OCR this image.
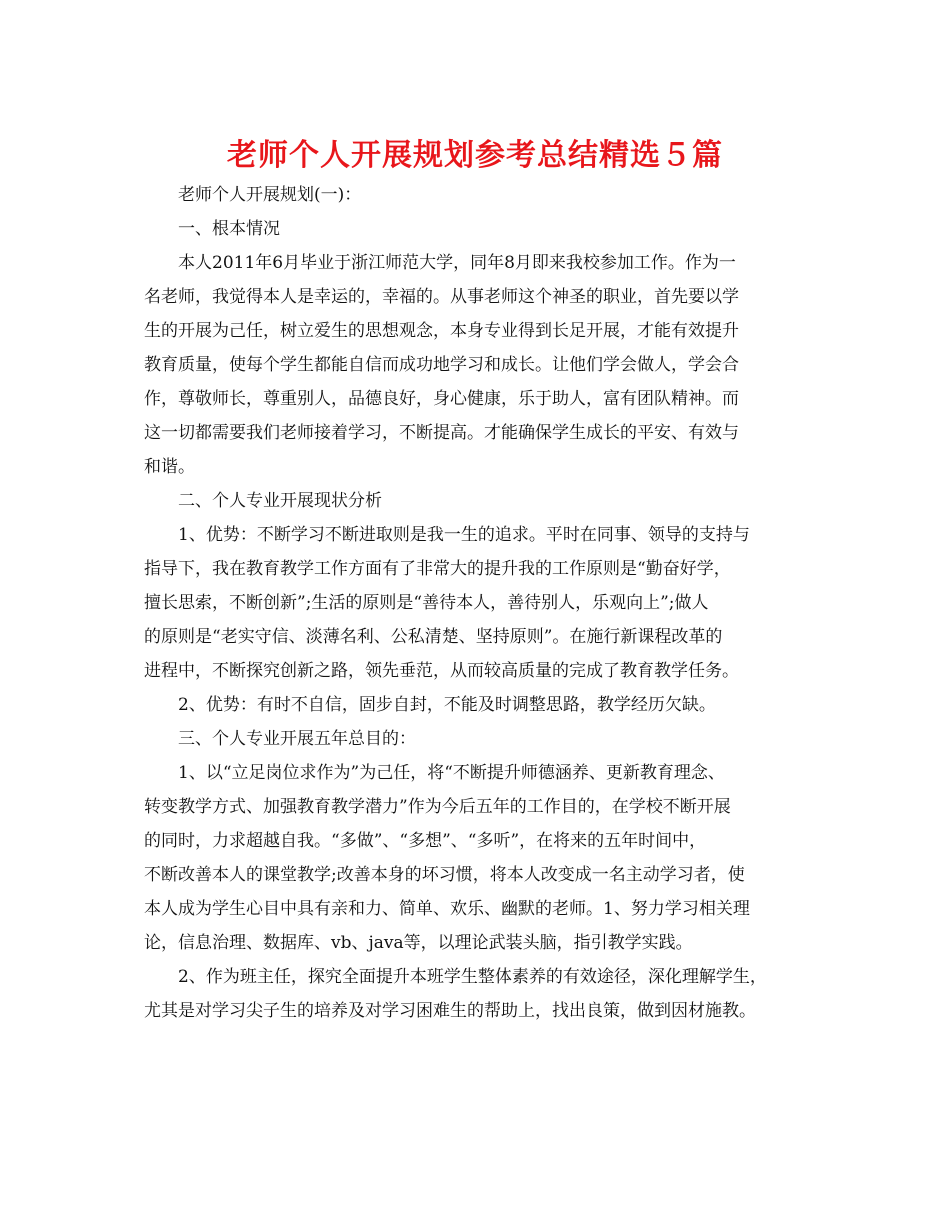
老师个人开展规划参考总结精选５篇

老师个人开展规划(一)：

一、根本情况

本人2011年6月毕业于浙江师范大学，同年8月即来我校参加工作。作为一

名老师，我觉得本人是幸运的，幸福的。从事老师这个神圣的职业，首先要以学

生的开展为己任，树立爱生的思想观念，本身专业得到长足开展，才能有效提升

教育质量，使每个学生都能自信而成功地学习和成长。让他们学会做人，学会合

作，尊敬师长，尊重别人，品德良好，身心健康，乐于助人，富有团队精神。而

这一切都需要我们老师接着学习，不断提高。才能确保学生成长的平安、有效与

和谐。

二、个人专业开展现状分析

1、优势：不断学习不断进取则是我一生的追求。平时在同事、领导的支持与

指导下，我在教育教学工作方面有了非常大的提升我的工作原则是“勤奋好学，

擅长思索，不断创新”;生活的原则是“善待本人，善待别人，乐观向上”;做人

的原则是“老实守信、淡薄名利、公私清楚、坚持原则”。在施行新课程改革的

进程中，不断探究创新之路，领先垂范，从而较高质量的完成了教育教学任务。

2、优势：有时不自信，固步自封，不能及时调整思路，教学经历欠缺。

三、个人专业开展五年总目的：

1、以“立足岗位求作为”为己任，将“不断提升师德涵养、更新教育理念、

转变教学方式、加强教育教学潜力”作为今后五年的工作目的，在学校不断开展

的同时，力求超越自我。“多做”、“多想”、“多听”，在将来的五年时间中，

不断改善本人的课堂教学;改善本身的坏习惯，将本人改变成一名主动学习者，使

本人成为学生心目中具有亲和力、简单、欢乐、幽默的老师。1、努力学习相关理

论，信息治理、数据库、vb、java等，以理论武装头脑，指引教学实践。

2、作为班主任，探究全面提升本班学生整体素养的有效途径，深化理解学生，

尤其是对学习尖子生的培养及对学习困难生的帮助上，找出良策，做到因材施教。
